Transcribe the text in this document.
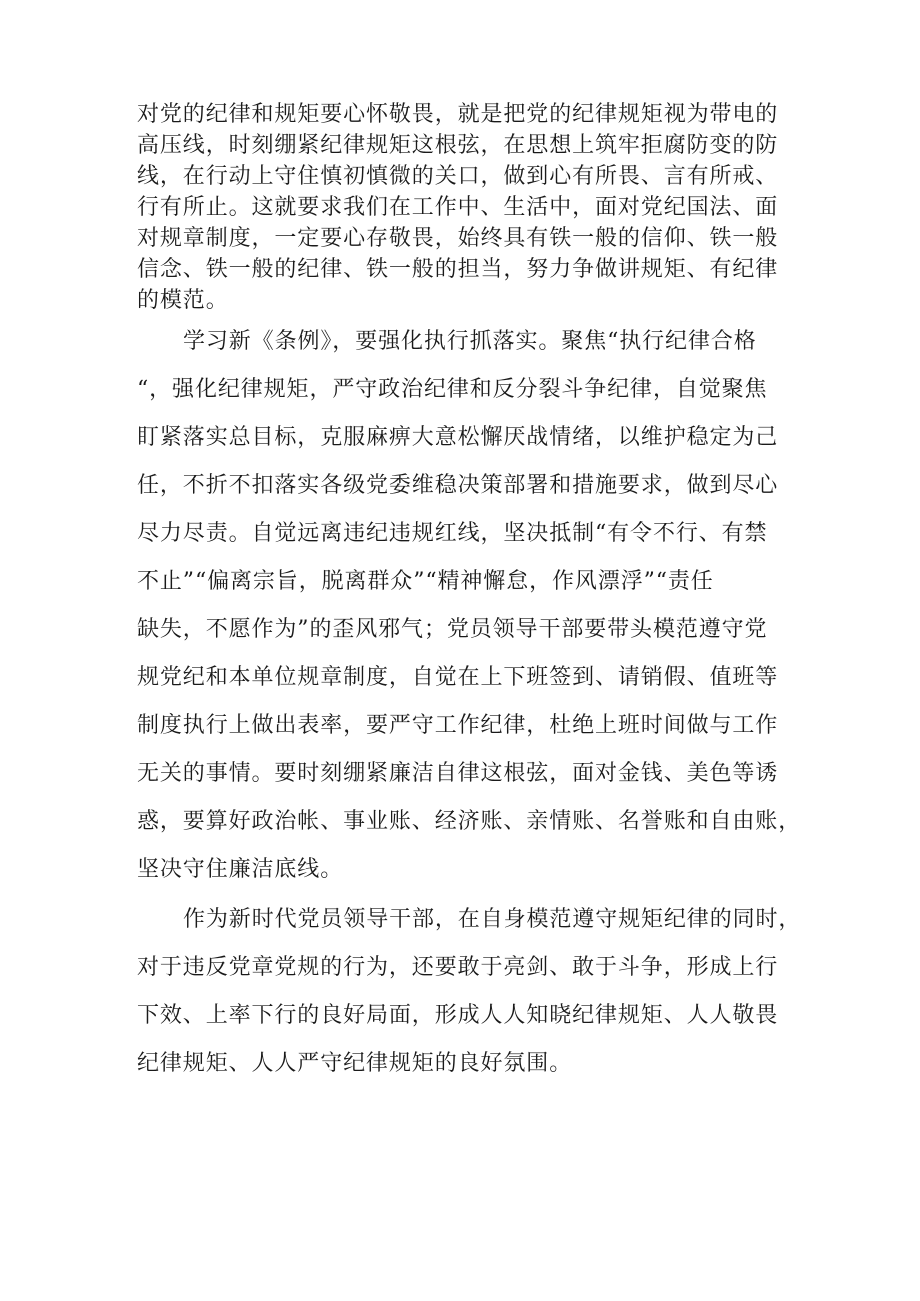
对党的纪律和规矩要心怀敬畏，就是把党的纪律规矩视为带电的
高压线，时刻绷紧纪律规矩这根弦，在思想上筑牢拒腐防变的防
线，在行动上守住慎初慎微的关口，做到心有所畏、言有所戒、
行有所止。这就要求我们在工作中、生活中，面对党纪国法、面
对规章制度，一定要心存敬畏，始终具有铁一般的信仰、铁一般
信念、铁一般的纪律、铁一般的担当，努力争做讲规矩、有纪律
的模范。
学习新《条例》，要强化执行抓落实。聚焦“执行纪律合格
“，强化纪律规矩，严守政治纪律和反分裂斗争纪律，自觉聚焦
盯紧落实总目标，克服麻痹大意松懈厌战情绪，以维护稳定为己
任，不折不扣落实各级党委维稳决策部署和措施要求，做到尽心
尽力尽责。自觉远离违纪违规红线，坚决抵制“有令不行、有禁
不止”“偏离宗旨，脱离群众”“精神懈怠，作风漂浮”“责任
缺失，不愿作为”的歪风邪气；党员领导干部要带头模范遵守党
规党纪和本单位规章制度，自觉在上下班签到、请销假、值班等
制度执行上做出表率，要严守工作纪律，杜绝上班时间做与工作
无关的事情。要时刻绷紧廉洁自律这根弦，面对金钱、美色等诱
惑，要算好政治帐、事业账、经济账、亲情账、名誉账和自由账，
坚决守住廉洁底线。
作为新时代党员领导干部，在自身模范遵守规矩纪律的同时，
对于违反党章党规的行为，还要敢于亮剑、敢于斗争，形成上行
下效、上率下行的良好局面，形成人人知晓纪律规矩、人人敬畏
纪律规矩、人人严守纪律规矩的良好氛围。
